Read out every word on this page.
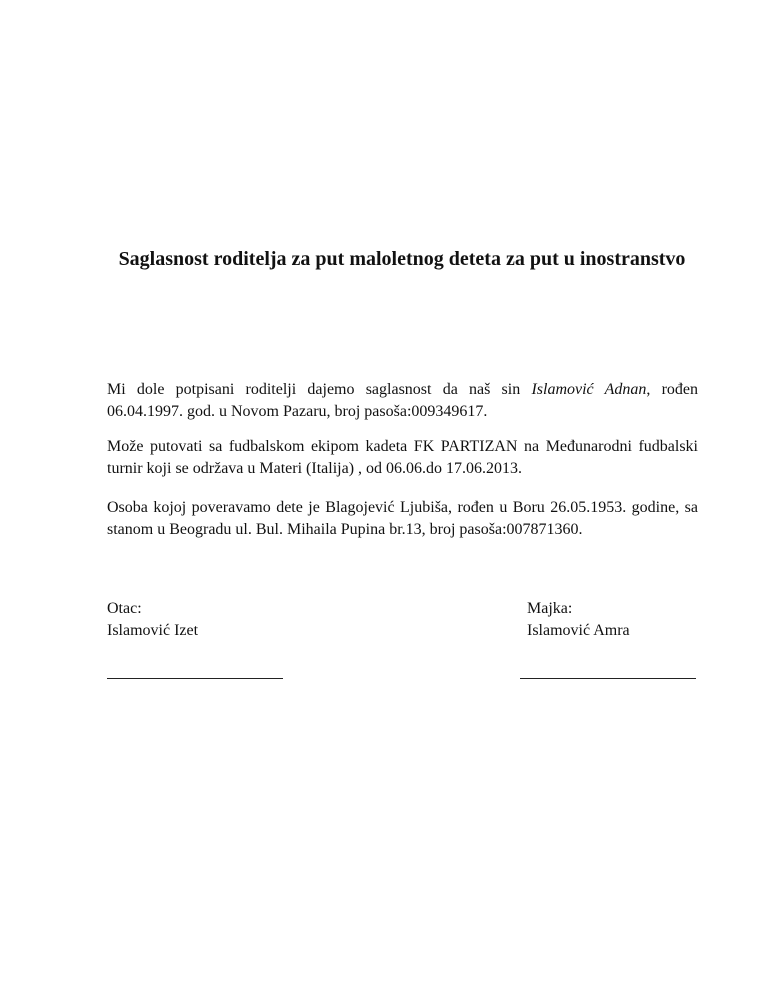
Saglasnost roditelja za put maloletnog deteta za put u inostranstvo
Mi dole potpisani roditelji dajemo saglasnost da naš sin Islamović Adnan, rođen 06.04.1997. god. u Novom Pazaru, broj pasoša:009349617.
Može putovati sa fudbalskom ekipom kadeta FK PARTIZAN na Međunarodni fudbalski turnir koji se održava u Materi (Italija) , od 06.06.do 17.06.2013.
Osoba kojoj poveravamo dete je Blagojević Ljubiša, rođen u Boru 26.05.1953. godine, sa stanom u Beogradu ul. Bul. Mihaila Pupina br.13, broj pasoša:007871360.
Otac:
Islamović Izet
Majka:
Islamović Amra
